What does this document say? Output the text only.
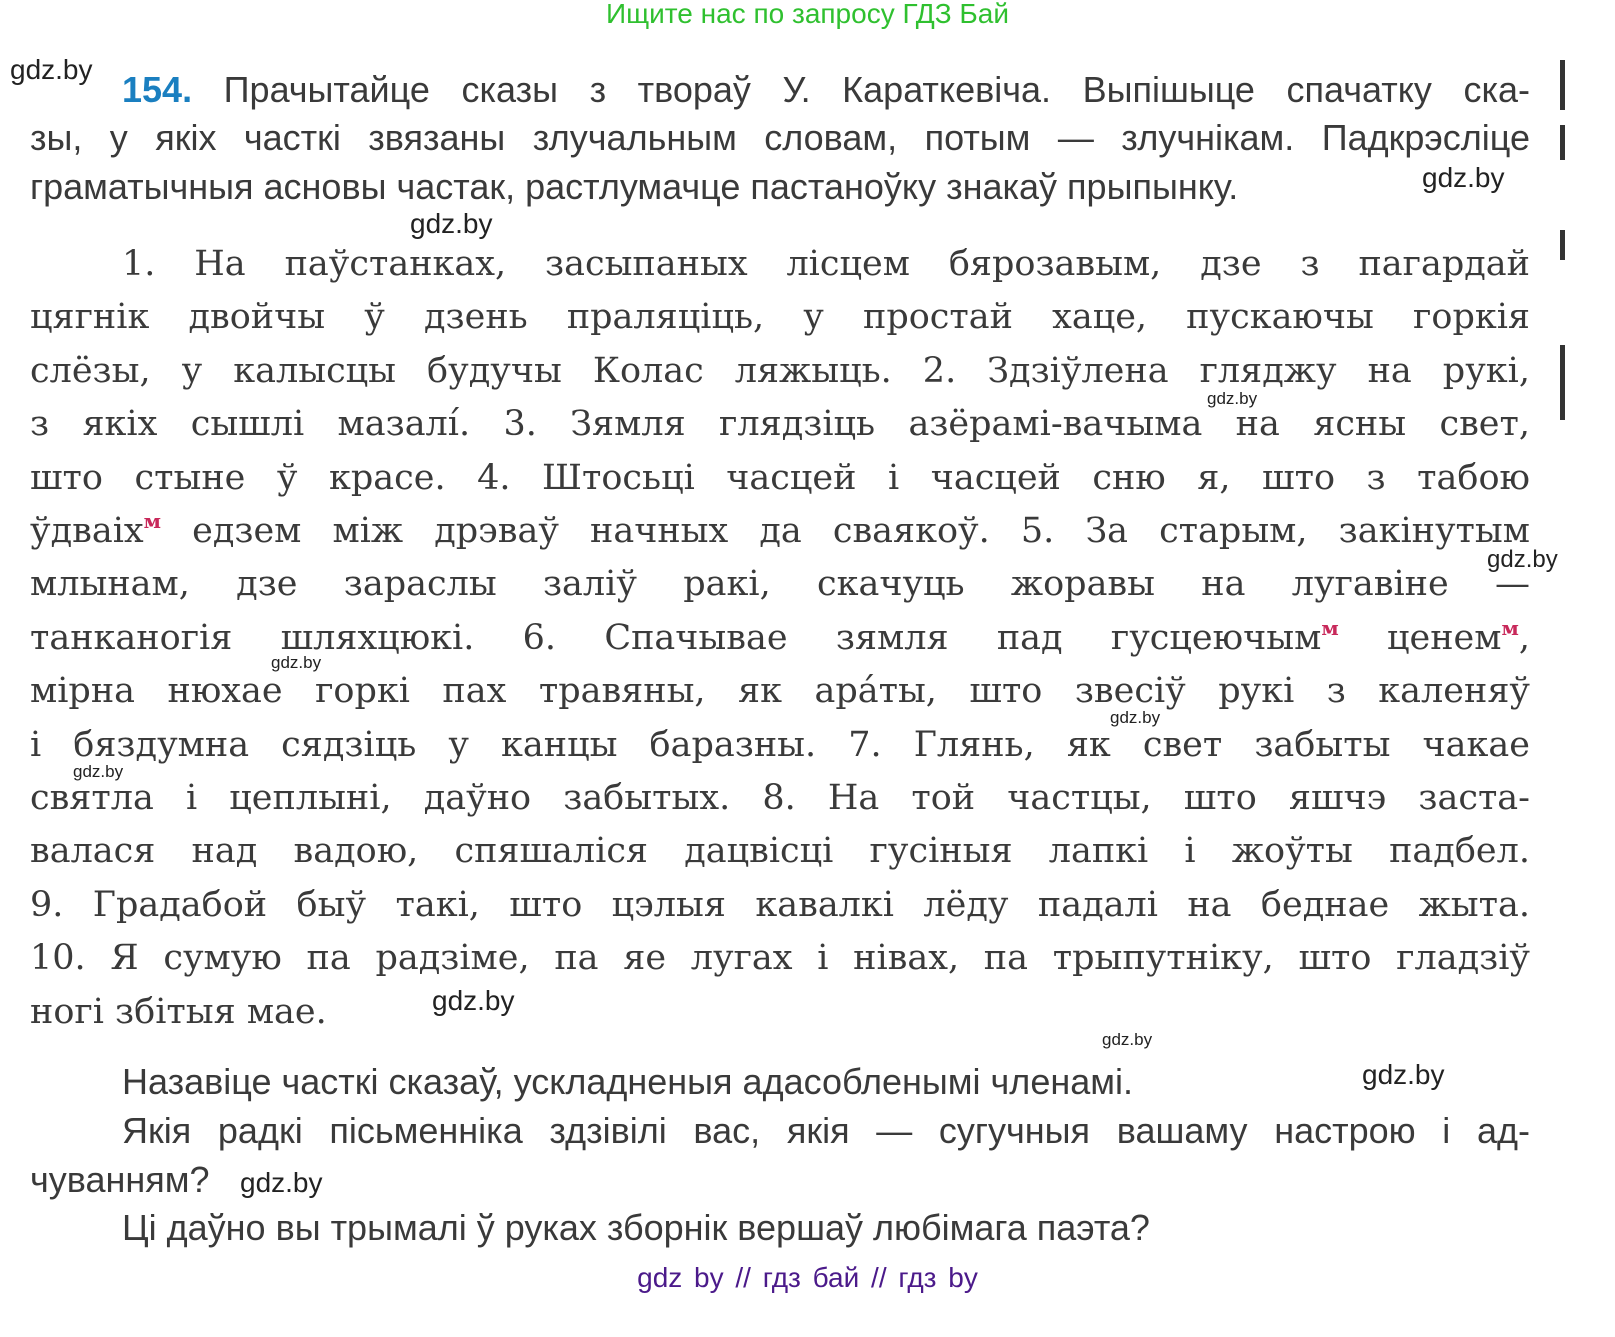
Ищите нас по запросу ГДЗ Бай
154. Прачытайце сказы з твораў У. Караткевіча. Выпішыце спачатку ска-
зы, у якіх часткі звязаны злучальным словам, потым — злучнікам. Падкрэсліце
граматычныя асновы частак, растлумачце пастаноўку знакаў прыпынку.
1. На паўстанках, засыпаных лісцем бярозавым, дзе з пагардай
цягнік двойчы ў дзень праляціць, у простай хаце, пускаючы горкія
слёзы, у калысцы будучы Колас ляжыць. 2. Здзіўлена гляджу на рукі,
з якіх сышлі мазалі́. 3. Зямля глядзіць азёрамі-вачыма на ясны свет,
што стыне ў красе. 4. Штосьці часцей і часцей сню я, што з табою
ўдваіх$^м$ едзем між дрэваў начных да сваякоў. 5. За старым, закінутым
млынам, дзе зараслы заліў ракі, скачуць жоравы на лугавіне —
танканогія шляхцюкі. 6. Спачывае зямля пад гусцеючым$^м$ ценем$^м$,
мірна нюхае горкі пах травяны, як ара́ты, што звесіў рукі з каленяў
і бяздумна сядзіць у канцы баразны. 7. Глянь, як свет забыты чакае
святла і цеплыні, даўно забытых. 8. На той частцы, што яшчэ заста-
валася над вадою, спяшаліся дацвісці гусіныя лапкі і жоўты падбел.
9. Градабой быў такі, што цэлыя кавалкі лёду падалі на беднае жыта.
10. Я сумую па радзіме, па яе лугах і нівах, па трыпутніку, што гладзіў
ногі збітыя мае.
Назавіце часткі сказаў, ускладненыя адасобленымі членамі.
Якія радкі пісьменніка здзівілі вас, якія — сугучныя вашаму настрою і ад-
чуванням?
Ці даўно вы трымалі ў руках зборнік вершаў любімага паэта?
gdz.by
gdz.by
gdz.by
gdz.by
gdz.by
gdz.by
gdz.by
gdz.by
gdz.by
gdz.by
gdz.by
gdz.by
gdz by // гдз бай // гдз by
